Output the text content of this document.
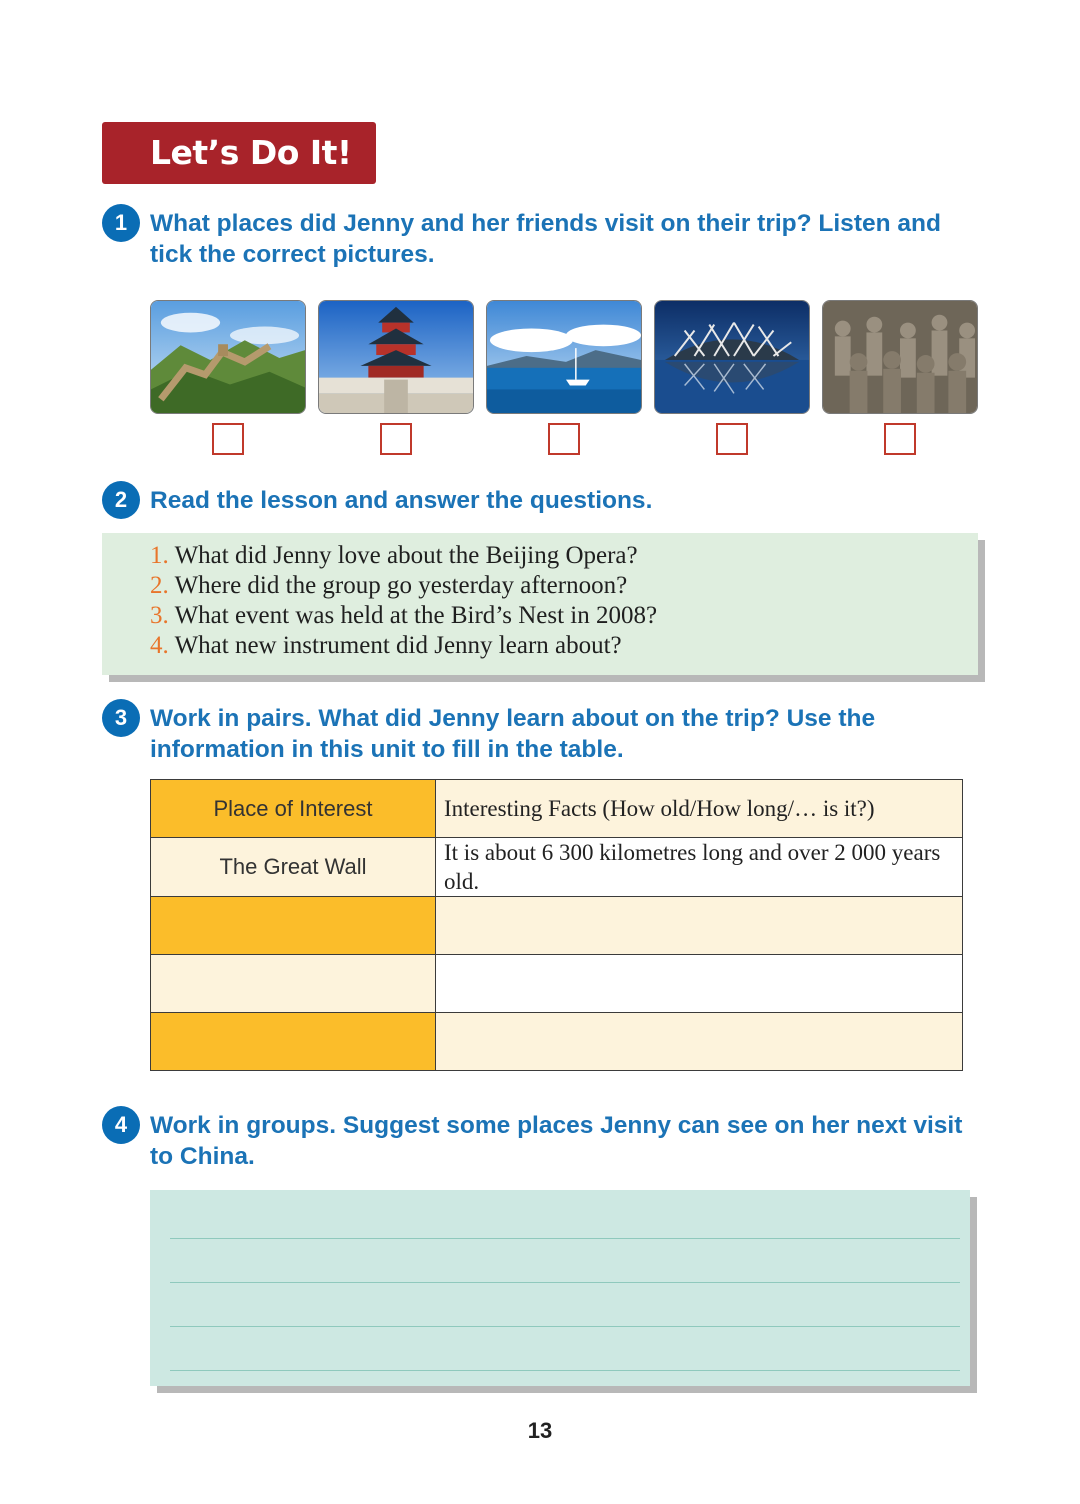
Let’s Do It!
1 What places did Jenny and her friends visit on their trip? Listen and tick the correct pictures.
2 Read the lesson and answer the questions.
1. What did Jenny love about the Beijing Opera?
2. Where did the group go yesterday afternoon?
3. What event was held at the Bird’s Nest in 2008?
4. What new instrument did Jenny learn about?
3 Work in pairs. What did Jenny learn about on the trip? Use the information in this unit to fill in the table.
Place of Interest	Interesting Facts (How old/How long/… is it?)
The Great Wall	It is about 6 300 kilometres long and over 2 000 years old.

4 Work in groups. Suggest some places Jenny can see on her next visit to China.
13
